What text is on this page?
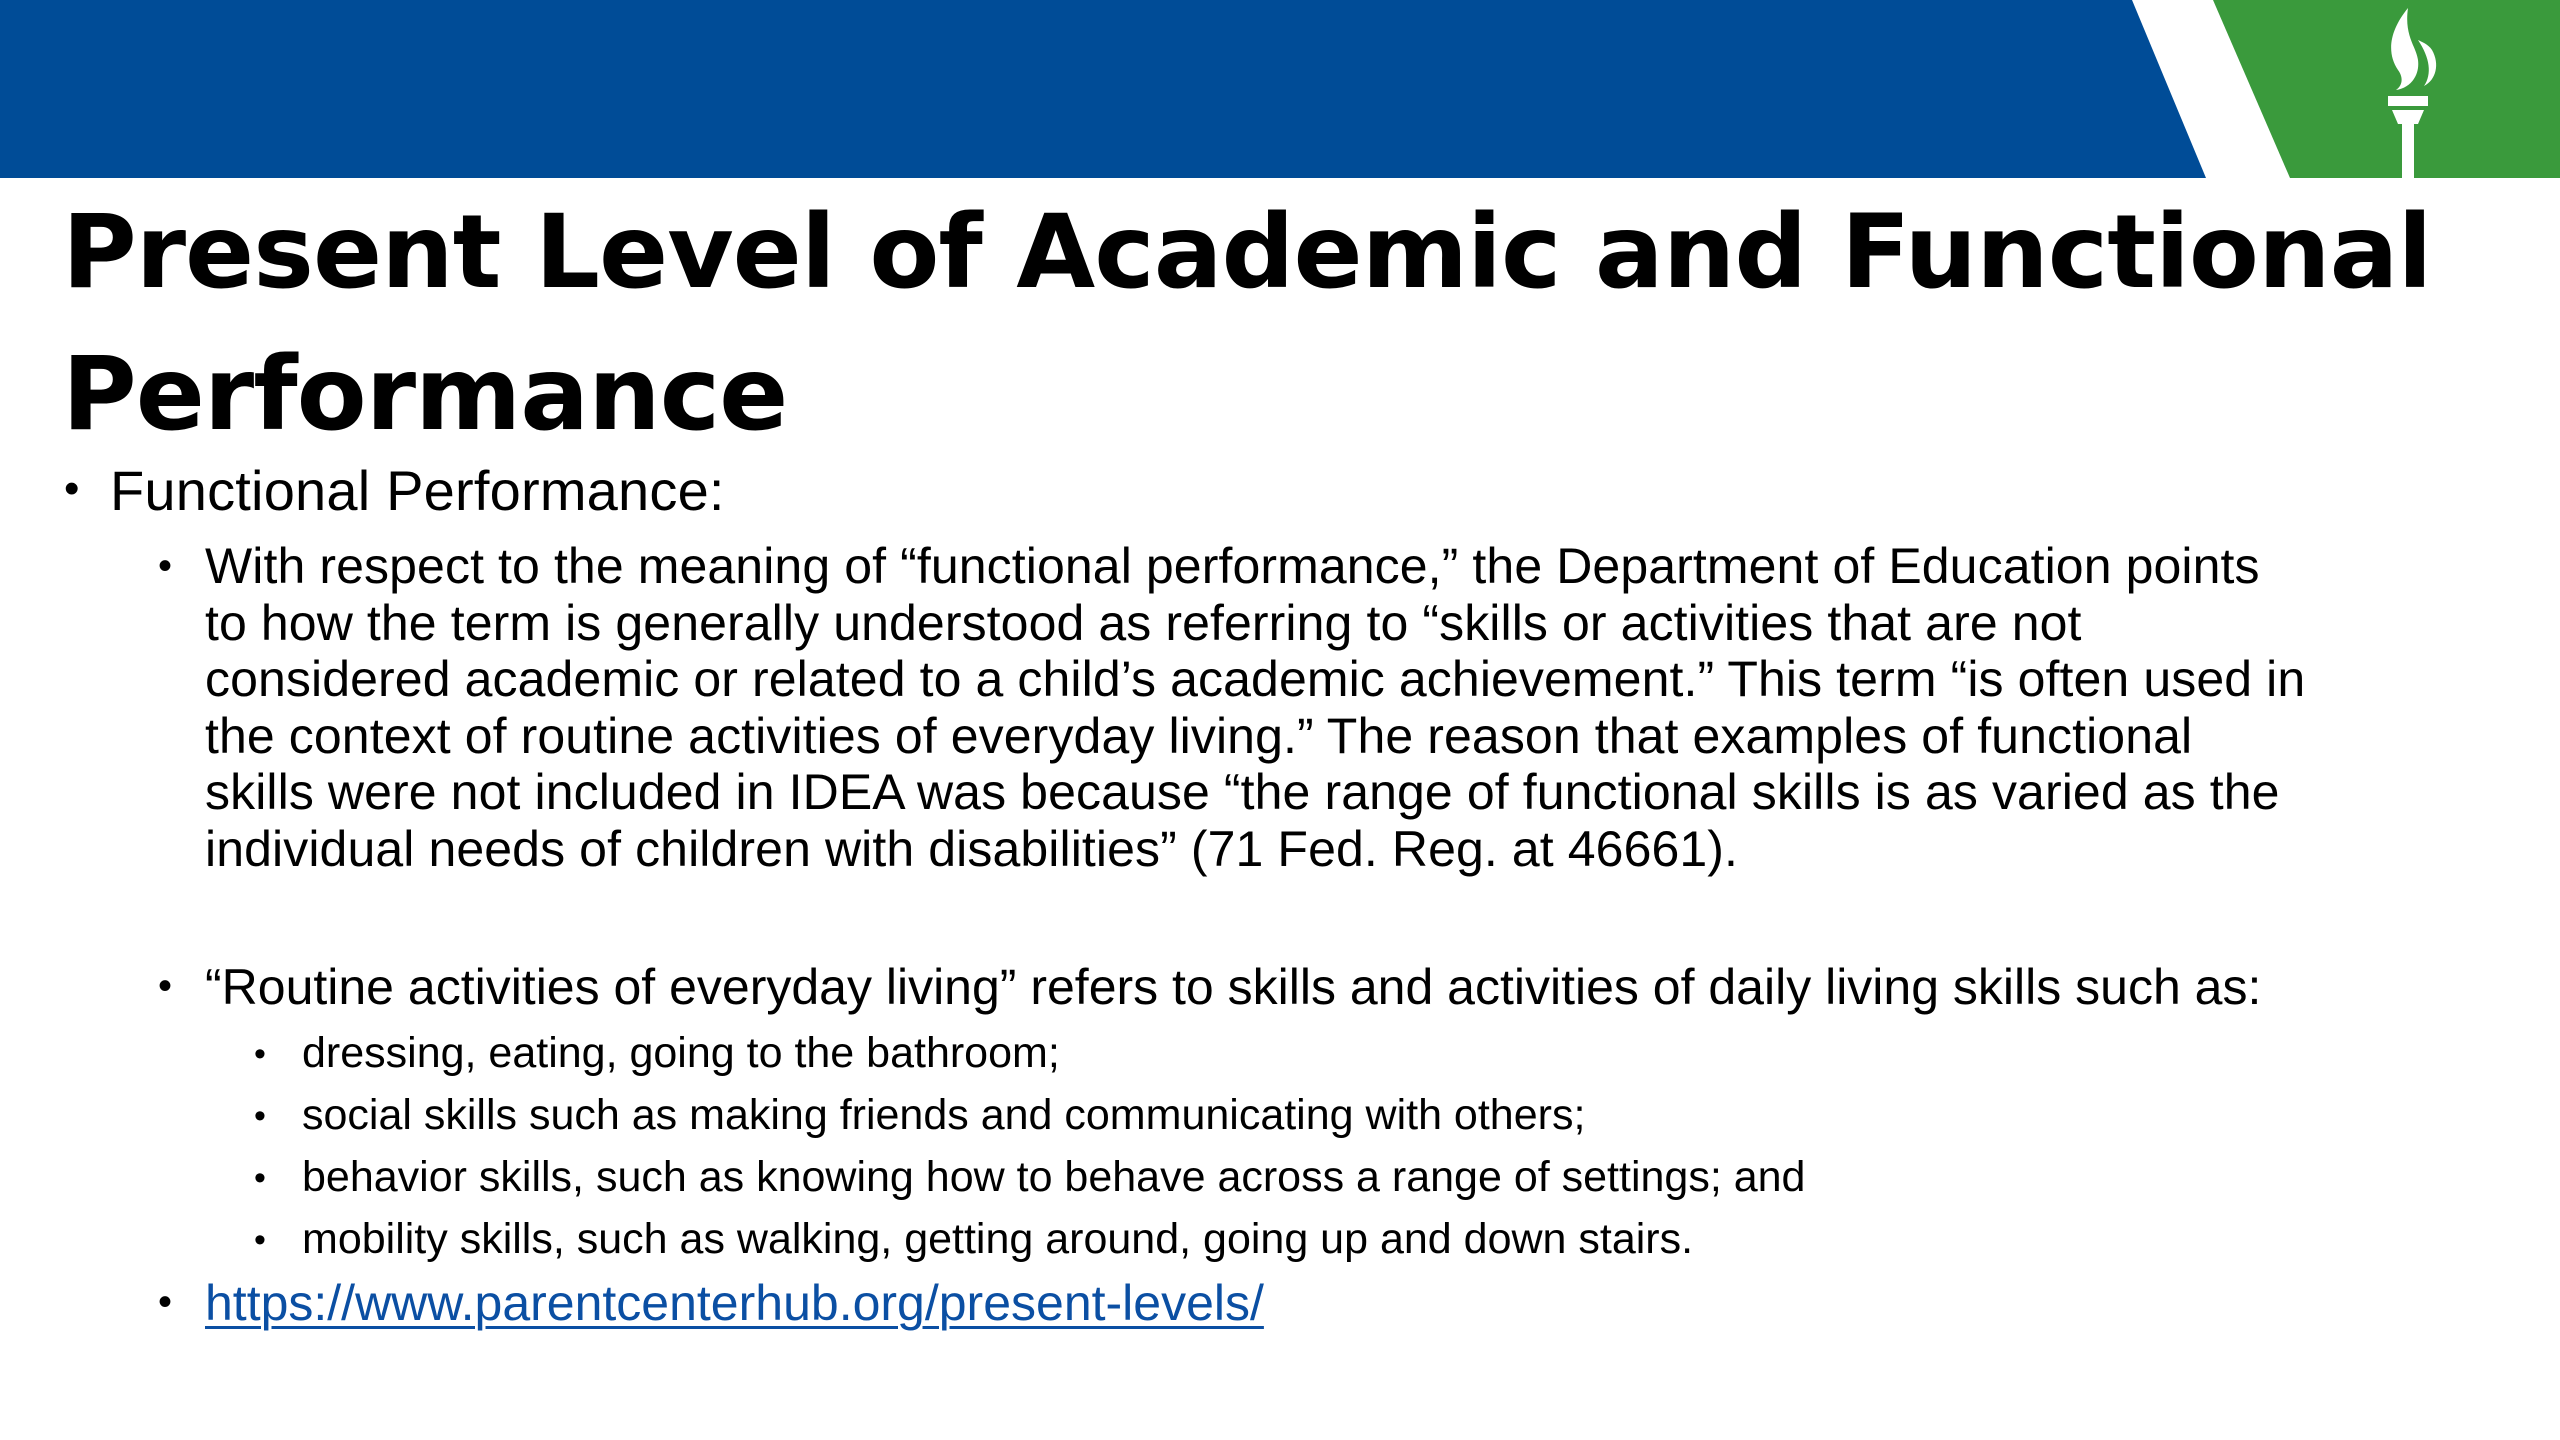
Present Level of Academic and Functional
Performance
• Functional Performance:
• With respect to the meaning of “functional performance,” the Department of Education points
to how the term is generally understood as referring to “skills or activities that are not
considered academic or related to a child’s academic achievement.” This term “is often used in
the context of routine activities of everyday living.” The reason that examples of functional
skills were not included in IDEA was because “the range of functional skills is as varied as the
individual needs of children with disabilities” (71 Fed. Reg. at 46661).
• “Routine activities of everyday living” refers to skills and activities of daily living skills such as:
• dressing, eating, going to the bathroom;
• social skills such as making friends and communicating with others;
• behavior skills, such as knowing how to behave across a range of settings; and
• mobility skills, such as walking, getting around, going up and down stairs.
• https://www.parentcenterhub.org/present-levels/
